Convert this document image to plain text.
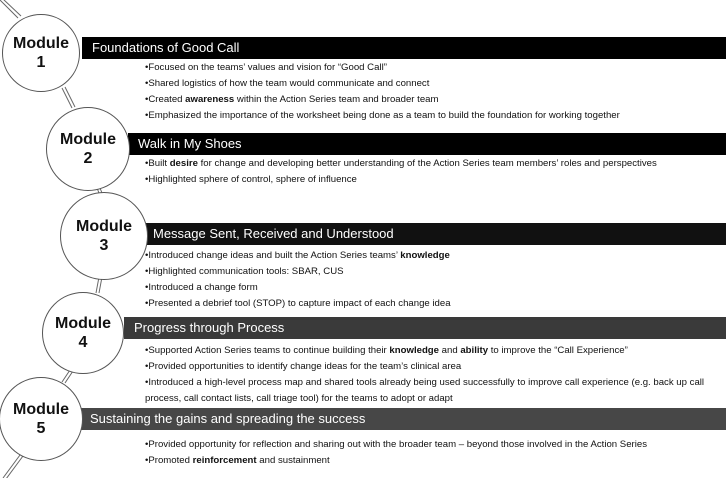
Module
1
Foundations of Good Call
•Focused on the teams’ values and vision for “Good Call”
•Shared logistics of how the team would communicate and connect
•Created awareness within the Action Series team and broader team
•Emphasized the importance of the worksheet being done as a team to build the foundation for working together
Module
2
Walk in My Shoes
•Built desire for change and developing better understanding of the Action Series team members’ roles and perspectives
•Highlighted sphere of control, sphere of influence
Module
3
Message Sent, Received and Understood
•Introduced change ideas and built the Action Series teams’ knowledge
•Highlighted communication tools: SBAR, CUS
•Introduced a change form
•Presented a debrief tool (STOP) to capture impact of each change idea
Module
4
Progress through Process
•Supported Action Series teams to continue building their knowledge and ability to improve the “Call Experience”
•Provided opportunities to identify change ideas for the team’s clinical area
•Introduced a high-level process map and shared tools already being used successfully to improve call experience (e.g. back up call process, call contact lists, call triage tool) for the teams to adopt or adapt
Module
5
Sustaining the gains and spreading the success
•Provided opportunity for reflection and sharing out with the broader team – beyond those involved in the Action Series
•Promoted reinforcement and sustainment
